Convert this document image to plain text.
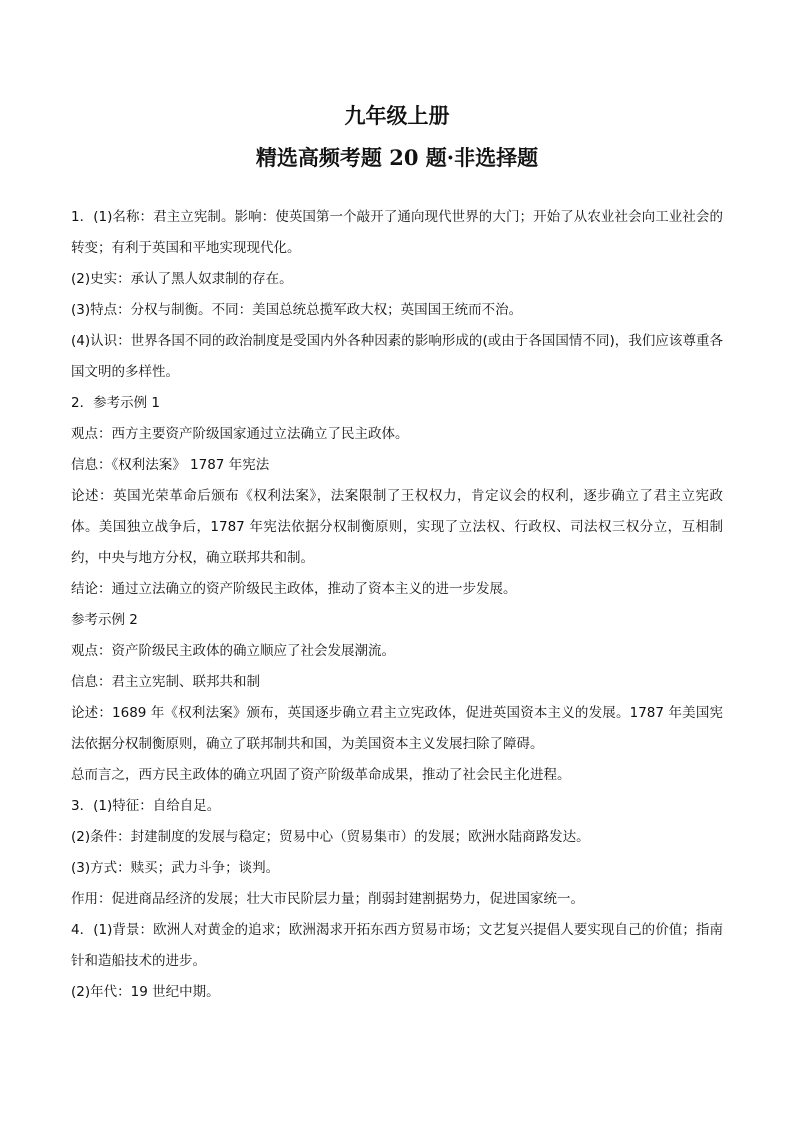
九年级上册
精选高频考题 20 题·非选择题

1．(1)名称：君主立宪制。影响：使英国第一个敲开了通向现代世界的大门；开始了从农业社会向工业社会的转变；有利于英国和平地实现现代化。

(2)史实：承认了黑人奴隶制的存在。

(3)特点：分权与制衡。不同：美国总统总揽军政大权；英国国王统而不治。

(4)认识：世界各国不同的政治制度是受国内外各种因素的影响形成的(或由于各国国情不同)，我们应该尊重各国文明的多样性。

2．参考示例 1

观点：西方主要资产阶级国家通过立法确立了民主政体。

信息：《权利法案》 1787 年宪法

论述：英国光荣革命后颁布《权利法案》，法案限制了王权权力，肯定议会的权利，逐步确立了君主立宪政体。美国独立战争后，1787 年宪法依据分权制衡原则，实现了立法权、行政权、司法权三权分立，互相制约，中央与地方分权，确立联邦共和制。

结论：通过立法确立的资产阶级民主政体，推动了资本主义的进一步发展。

参考示例 2

观点：资产阶级民主政体的确立顺应了社会发展潮流。

信息：君主立宪制、联邦共和制

论述：1689 年《权利法案》颁布，英国逐步确立君主立宪政体，促进英国资本主义的发展。1787 年美国宪法依据分权制衡原则，确立了联邦制共和国，为美国资本主义发展扫除了障碍。

总而言之，西方民主政体的确立巩固了资产阶级革命成果，推动了社会民主化进程。

3．(1)特征：自给自足。

(2)条件：封建制度的发展与稳定；贸易中心（贸易集市）的发展；欧洲水陆商路发达。

(3)方式：赎买；武力斗争；谈判。

作用：促进商品经济的发展；壮大市民阶层力量；削弱封建割据势力，促进国家统一。

4．(1)背景：欧洲人对黄金的追求；欧洲渴求开拓东西方贸易市场；文艺复兴提倡人要实现自己的价值；指南针和造船技术的进步。

(2)年代：19 世纪中期。
